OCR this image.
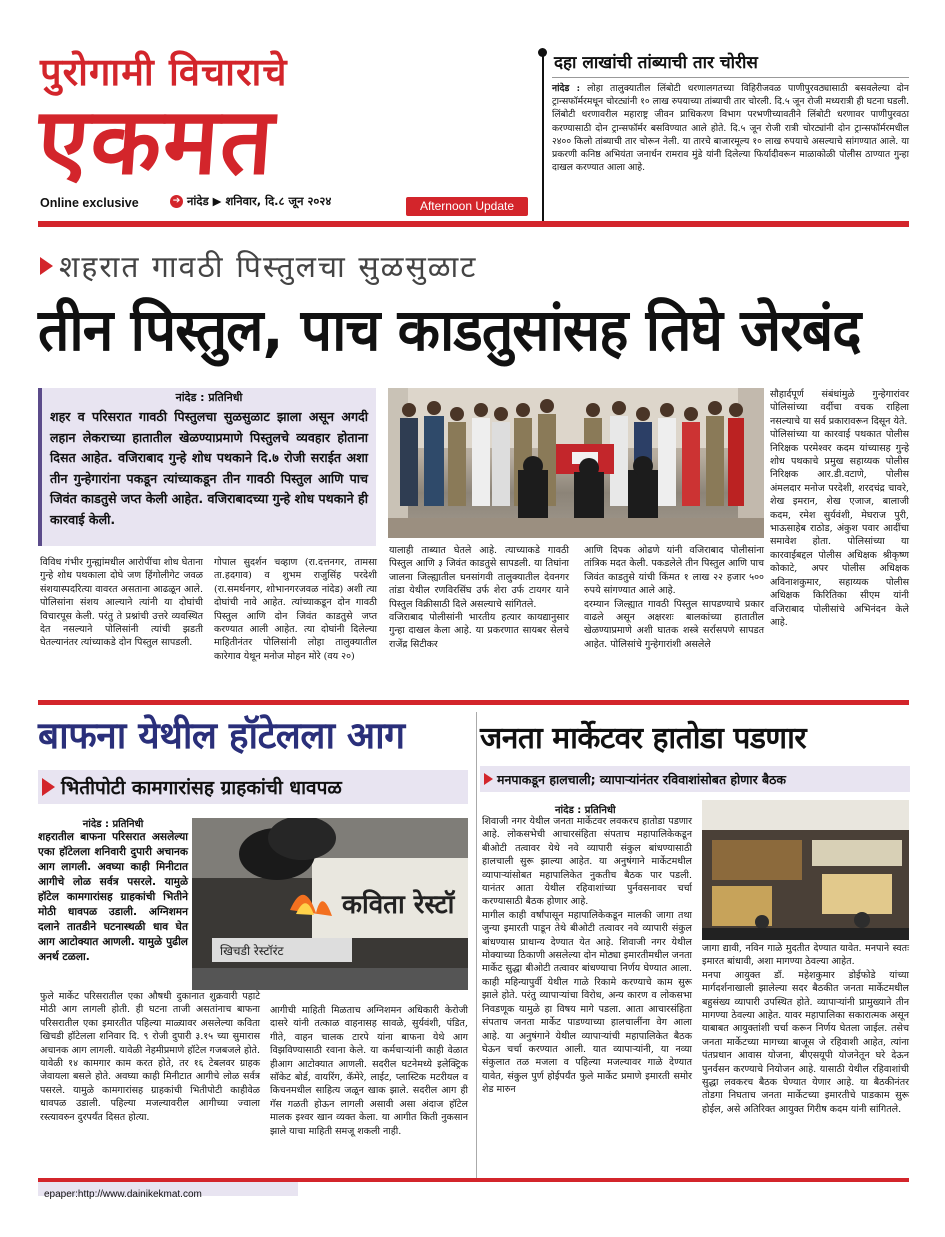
पुरोगामी विचाराचे
एकमत
Online exclusive	➔ नांदेड ▶ शनिवार, दि.८ जून २०२४	Afternoon Update
दहा लाखांची तांब्याची तार चोरीस
नांदेड : लोहा तालुक्यातील लिंबोटी धरणालगतच्या विहिरीजवळ पाणीपुरवठ्यासाठी बसवलेल्या दोन ट्रान्सफॉर्मरमधून चोरट्यांनी १० लाख रुपयाच्या तांब्याची तार चोरली. दि.५ जून रोजी मध्यरात्री ही घटना घडली. लिंबोटी धरणावरील महाराष्ट्र जीवन प्राधिकरण विभाग परभणीच्यावतीने लिंबोटी धरणावर पाणीपुरवठा करण्यासाठी दोन ट्रान्सफॉर्मर बसविण्यात आले होते. दि.५ जून रोजी रात्री चोरट्यांनी दोन ट्रान्सफॉर्मरमधील २४०० किलो तांब्याची तार चोरून नेली. या तारचे बाजारमूल्य १० लाख रुपयाचे असल्याचे सांगण्यात आले. या प्रकरणी कनिष्ठ अभियंता जनार्धन रामराव मुंडे यांनी दिलेल्या फिर्यादीवरून माळाकोळी पोलीस ठाण्यात गुन्हा दाखल करण्यात आला आहे.
शहरात गावठी पिस्तुलचा सुळसुळाट
तीन पिस्तुल, पाच काडतुसांसह तिघे जेरबंद
नांदेड : प्रतिनिधी
शहर व परिसरात गावठी पिस्तुलचा सुळसुळाट झाला असून अगदी लहान लेकराच्या हातातील खेळण्याप्रमाणे पिस्तुलचे व्यवहार होताना दिसत आहेत. वजिराबाद गुन्हे शोध पथकाने दि.७ रोजी सराईत अशा तीन गुन्हेगारांना पकडून त्यांच्याकडून तीन गावठी पिस्तुल आणि पाच जिवंत काडतुसे जप्त केली आहेत. वजिराबादच्या गुन्हे शोध पथकाने ही कारवाई केली.
विविध गंभीर गुन्ह्यांमधील आरोपींचा शोध घेताना गुन्हे शोध पथकाला दोघे जण हिंगोलीगेट जवळ संशयास्पदरित्या वावरत असताना आढळून आले. पोलिसांना संशय आल्याने त्यांनी या दोघांची विचारपूस केली. परंतु ते प्रश्नांची उत्तरे व्यवस्थित देत नसल्याने पोलिसांनी त्यांची झडती घेतल्यानंतर त्यांच्याकडे दोन पिस्तुल सापडली.
गोपाल सुदर्शन चव्हाण (रा.दत्तनगर, तामसा ता.हदगाव) व शुभम राजुसिंह परदेशी (रा.समर्थनगर, शोभानगरजवळ नांदेड) अशी त्या दोघांची नावे आहेत. त्यांच्याकडून दोन गावठी पिस्तुल आणि दोन जिवंत काडतुसे जप्त करण्यात आली आहेत. त्या दोघांनी दिलेल्या माहितीनंतर पोलिसांनी लोहा तालुक्यातील कारेगाव येथून मनोज मोहन मोरे (वय २०)
यालाही ताब्यात घेतले आहे. त्याच्याकडे गावठी पिस्तुल आणि ३ जिवंत काडतुसे सापडली. या तिघांना जालना जिल्ह्यातील घनसांगवी तालुक्यातील देवनगर तांडा येथील रणविरसिंघ उर्फ शेरा उर्फ टायगर याने पिस्तुल विक्रीसाठी दिले असल्याचे सांगितले.
वजिराबाद पोलीसांनी भारतीय हत्यार कायद्यानुसार गुन्हा दाखल केला आहे. या प्रकरणात सायबर सेलचे राजेंद्र सिटीकर
आणि दिपक ओढणे यांनी वजिराबाद पोलीसांना तांत्रिक मदत केली. पकडलेले तीन पिस्तुल आणि पाच जिवंत काडतुसे यांची किंमत १ लाख २२ हजार ५०० रुपये सांगण्यात आले आहे.
दरम्यान जिल्ह्यात गावठी पिस्तुल सापडण्याचे प्रकार वाढले असून अक्षरशः बालकांच्या हातातील खेळण्याप्रमाणे अशी घातक शस्त्रे सर्रासपणे सापडत आहेत. पोलिसांचे गुन्हेगारांशी असलेले
सौहार्दपूर्ण संबंधांमुळे गुन्हेगारांवर पोलिसांच्या वर्दीचा वचक राहिला नसल्याचे या सर्व प्रकारावरून दिसून येते.
पोलिसांच्या या कारवाई पथकात पोलीस निरिक्षक परमेश्वर कदम यांच्यासह गुन्हे शोध पथकाचे प्रमुख सहाय्यक पोलीस निरिक्षक आर.डी.वटाणे, पोलीस अंमलदार मनोज परदेशी, शरदचंद्र चावरे, शेख इमरान, शेख एजाज, बालाजी कदम, रमेश सुर्यवंशी, मेघराज पुरी, भाऊसाहेब राठोड, अंकुश पवार आदींचा समावेश होता. पोलिसांच्या या कारवाईबद्दल पोलीस अधिक्षक श्रीकृष्ण कोकाटे, अपर पोलीस अधिक्षक अविनाशकुमार, सहाय्यक पोलीस अधिक्षक किरितिका सीएम यांनी वजिराबाद पोलीसांचे अभिनंदन केले आहे.
बाफना येथील हॉटेलला आग
भितीपोटी कामगारांसह ग्राहकांची धावपळ
नांदेड : प्रतिनिधी
शहरातील बाफना परिसरात असलेल्या एका हॉटेलला शनिवारी दुपारी अचानक आग लागली. अवघ्या काही मिनीटात आगीचे लोळ सर्वत्र पसरले. यामुळे हॉटेल कामगारांसह ग्राहकांची भितीने मोठी धावपळ उडाली. अग्निशमन दलाने तातडीने घटनास्थळी धाव घेत आग आटोक्यात आणली. यामुळे पुढील अनर्थ टळला.
कविता रेस्टॉ
खिचडी रेस्टॉरंट
फुले मार्केट परिसरातील एका औषधी दुकानात शुक्रवारी पहाटे मोठी आग लागली होती. ही घटना ताजी असतांनाच बाफना परिसरातील एका इमारतीत पहिल्या माळ्यावर असलेल्या कविता खिचडी हॉटेलला शनिवार दि. ९ रोजी दुपारी ३.१५ च्या सुमारास अचानक आग लागली. यावेळी नेहमीप्रमाणे हॉटेल गजबजले होते. यावेळी १४ कामगार काम करत होते, तर १६ टेबलवर ग्राहक जेवायला बसले होते. अवघ्या काही मिनीटात आगीचे लोळ सर्वत्र पसरले. यामुळे कामगारांसह ग्राहकांची भितीपोटी काहीवेळ धावपळ उडाली. पहिल्या मजल्यावरील आगीच्या ज्वाला रस्त्यावरुन दुरपर्यंत दिसत होत्या.
आगीची माहिती मिळताच अग्निशमन अधिकारी केरोजी दासरे यांनी तत्काळ वाहनासह सावळे, सुर्यवंशी, पंडित, गीते, वाहन चालक टारपे यांना बाफना येथे आग विझविण्यासाठी रवाना केले. या कर्मचाऱ्यांनी काही वेळात हीआग आटोक्यात आणली. सदरील घटनेमध्ये इलेक्ट्रिक सॉकेट बोर्ड, वायरिंग, कॅमेरे, लाईट, प्लास्टिक मटरीयल व किचनमधील साहित्य जळून खाक झाले. सदरील आग ही गॅस गळती होऊन लागली असावी असा अंदाज हॉटेल मालक इश्वर खान व्यक्त केला. या आगीत किती नुकसान झाले याचा माहिती समजू शकली नाही.
जनता मार्केटवर हातोडा पडणार
मनपाकडून हालचाली; व्यापाऱ्यांनंतर रविवाशांसोबत होणार बैठक
नांदेड : प्रतिनिधी
शिवाजी नगर येथील जनता मार्केटवर लवकरच हातोडा पडणार आहे. लोकसभेची आचारसंहिता संपताच महापालिकेकडून बीओटी तत्वावर येथे नवे व्यापारी संकुल बांधण्यासाठी हालचाली सुरू झाल्या आहेत. या अनुषंगाने मार्केटमधील व्यापाऱ्यांसोबत महापालिकेत नुकतीच बैठक पार पडली. यानंतर आता येथील रहिवाशांच्या पुर्नवसनावर चर्चा करण्यासाठी बैठक होणार आहे.
मागील काही वर्षांपासून महापालिकेकडून मालकी जागा तथा जुन्या इमारती पाडून तेथे बीओटी तत्वावर नवे व्यापारी संकुल बांधण्यास प्राधान्य देण्यात येत आहे. शिवाजी नगर येथील मोक्याच्या ठिकाणी असलेल्या दोन मोठ्या इमारतीमधील जनता मार्केट सुद्धा बीओटी तत्वावर बांधण्याचा निर्णय घेण्यात आला. काही महिन्यापुर्वी येथील गाळे रिकामे करण्याचे काम सुरू झाले होते. परंतु व्यापाऱ्यांचा विरोध, अन्य कारण व लोकसभा निवडणूक यामुळे हा विषय मागे पडला. आता आचारसंहिता संपताच जनता मार्केट पाडण्याच्या हालचालींना वेग आला आहे. या अनुषंगाने येथील व्यापाऱ्यांची महापालिकेत बैठक घेऊन चर्चा करण्यात आली. यात व्यापाऱ्यांनी, या नव्या संकुलात तळ मजला व पहिल्या मजल्यावर गाळे देण्यात यावेत, संकुल पुर्ण होईपर्यंत फुले मार्केट प्रमाणे इमारती समोर शेड मारुन
जागा द्यावी, नविन गाळे मुदतीत देण्यात यावेत. मनपाने स्वतः इमारत बांधावी, अशा मागण्या ठेवल्या आहेत.
मनपा आयुक्त डॉ. महेशकुमार डोईफोडे यांच्या मार्गदर्शनाखाली झालेल्या सदर बैठकीत जनता मार्केटमधील बहुसंख्य व्यापारी उपस्थित होते. व्यापाऱ्यांनी प्रामुख्याने तीन मागण्या ठेवल्या आहेत. यावर महापालिका सकारात्मक असून याबाबत आयुक्तांशी चर्चा करून निर्णय घेतला जाईल. तसेच जनता मार्केटच्या मागच्या बाजूस जे रहिवाशी आहेत, त्यांना पंतप्रधान आवास योजना, बीएसयूपी योजनेतून घरे देऊन पुनर्वसन करण्याचे नियोजन आहे. यासाठी येथील रहिवाशांची सुद्धा लवकरच बैठक घेण्यात येणार आहे. या बैठकीनंतर तोडगा निघताच जनता मार्केटच्या इमारतीचे पाडकाम सुरू होईल, असे अतिरिक्त आयुक्त गिरीष कदम यांनी सांगितले.
epaper:http://www.dainikekmat.com
